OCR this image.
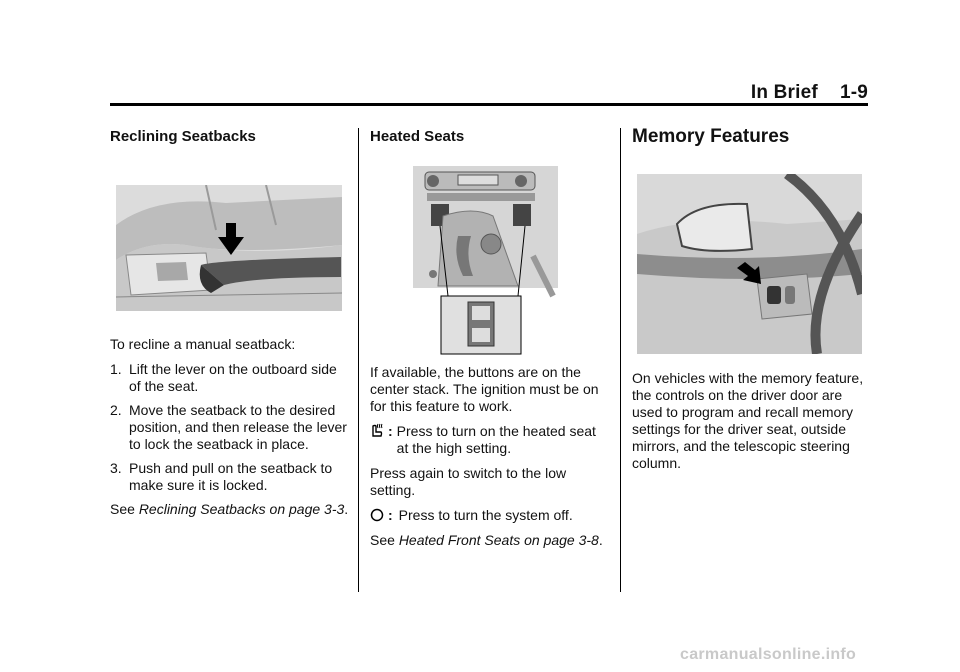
In Brief 1-9
Reclining Seatbacks

To recline a manual seatback:

1. Lift the lever on the outboard side of the seat.
2. Move the seatback to the desired position, and then release the lever to lock the seatback in place.
3. Push and pull on the seatback to make sure it is locked.

See Reclining Seatbacks on page 3-3.

Heated Seats

If available, the buttons are on the center stack. The ignition must be on for this feature to work.

: Press to turn on the heated seat at the high setting.

Press again to switch to the low setting.

: Press to turn the system off.

See Heated Front Seats on page 3-8.

Memory Features

On vehicles with the memory feature, the controls on the driver door are used to program and recall memory settings for the driver seat, outside mirrors, and the telescopic steering column.

carmanualsonline.info
